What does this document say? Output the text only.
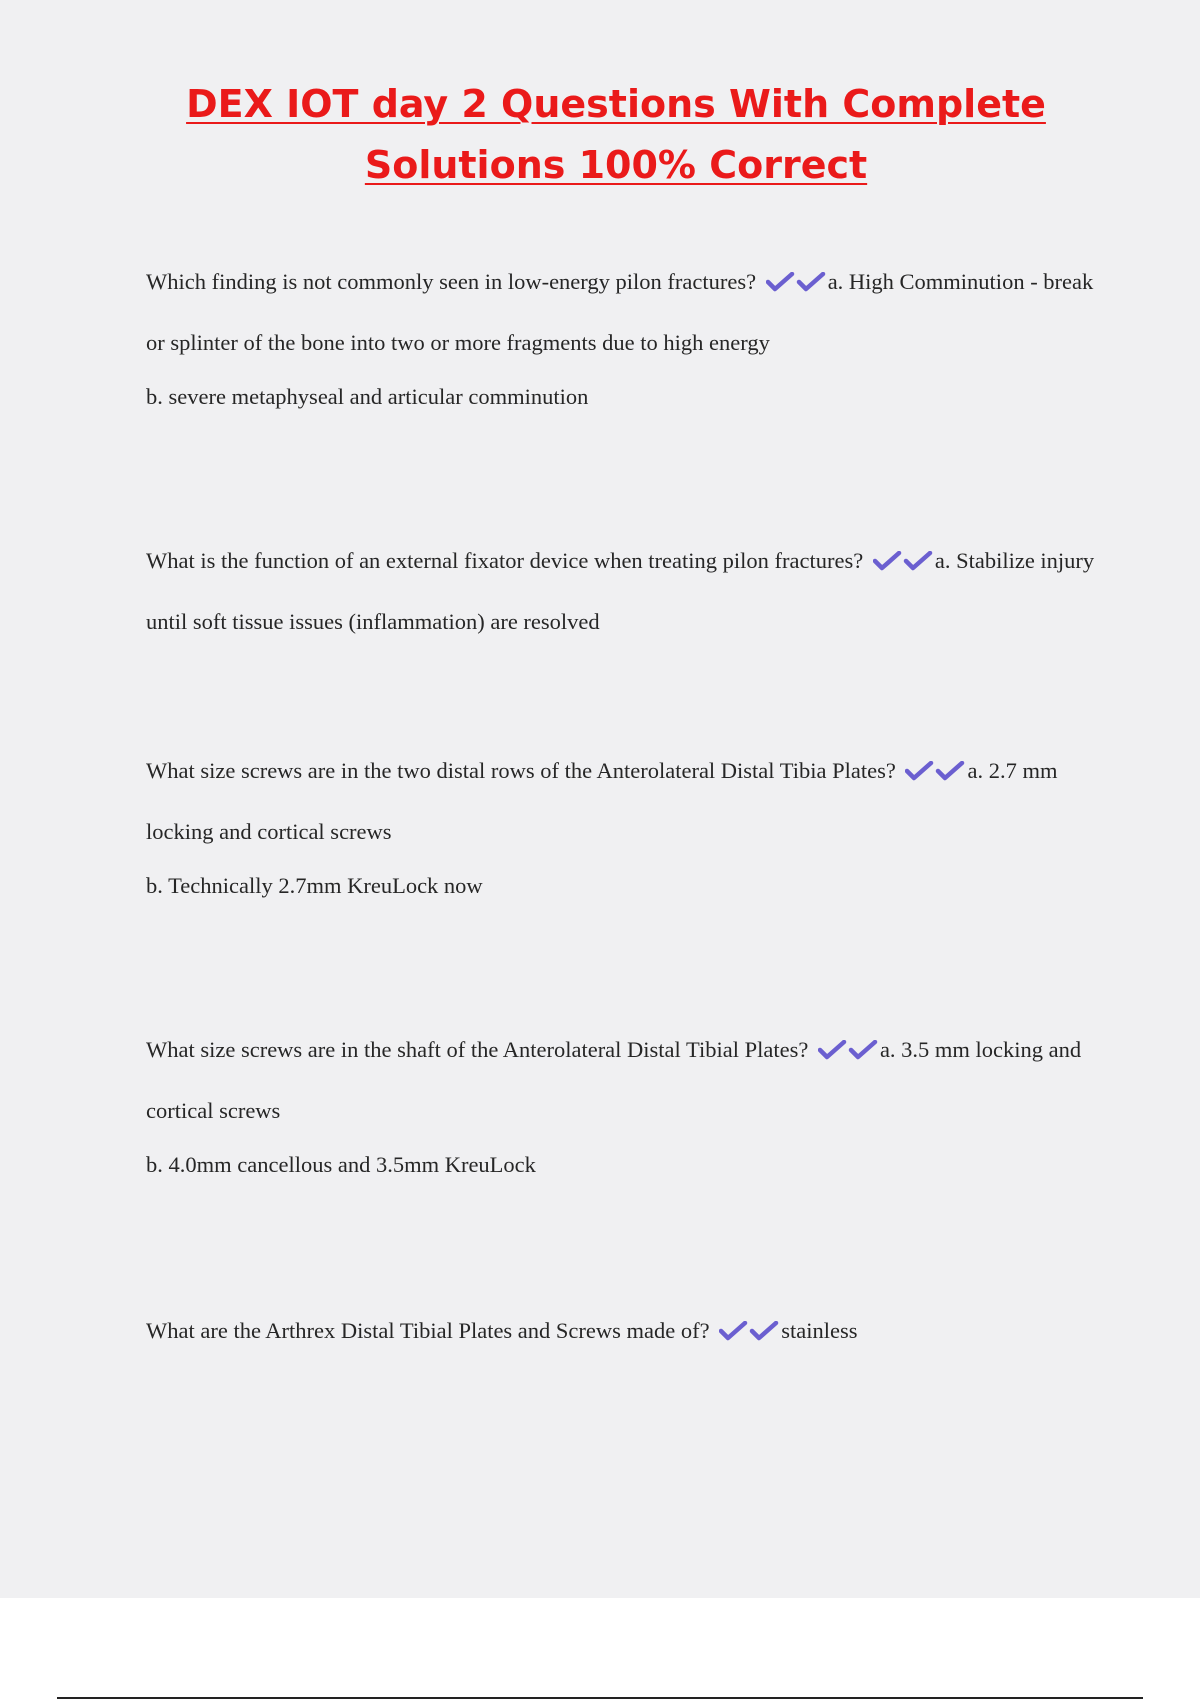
DEX IOT day 2 Questions With Complete
Solutions 100% Correct

Which finding is not commonly seen in low-energy pilon fractures?	a. High Comminution - break or splinter of the bone into two or more fragments due to high energy

b. severe metaphyseal and articular comminution

What is the function of an external fixator device when treating pilon fractures?	a. Stabilize injury until soft tissue issues (inflammation) are resolved

What size screws are in the two distal rows of the Anterolateral Distal Tibia Plates?	a. 2.7 mm locking and cortical screws

b. Technically 2.7mm KreuLock now

What size screws are in the shaft of the Anterolateral Distal Tibial Plates?	a. 3.5 mm locking and cortical screws

b. 4.0mm cancellous and 3.5mm KreuLock

What are the Arthrex Distal Tibial Plates and Screws made of?	stainless
